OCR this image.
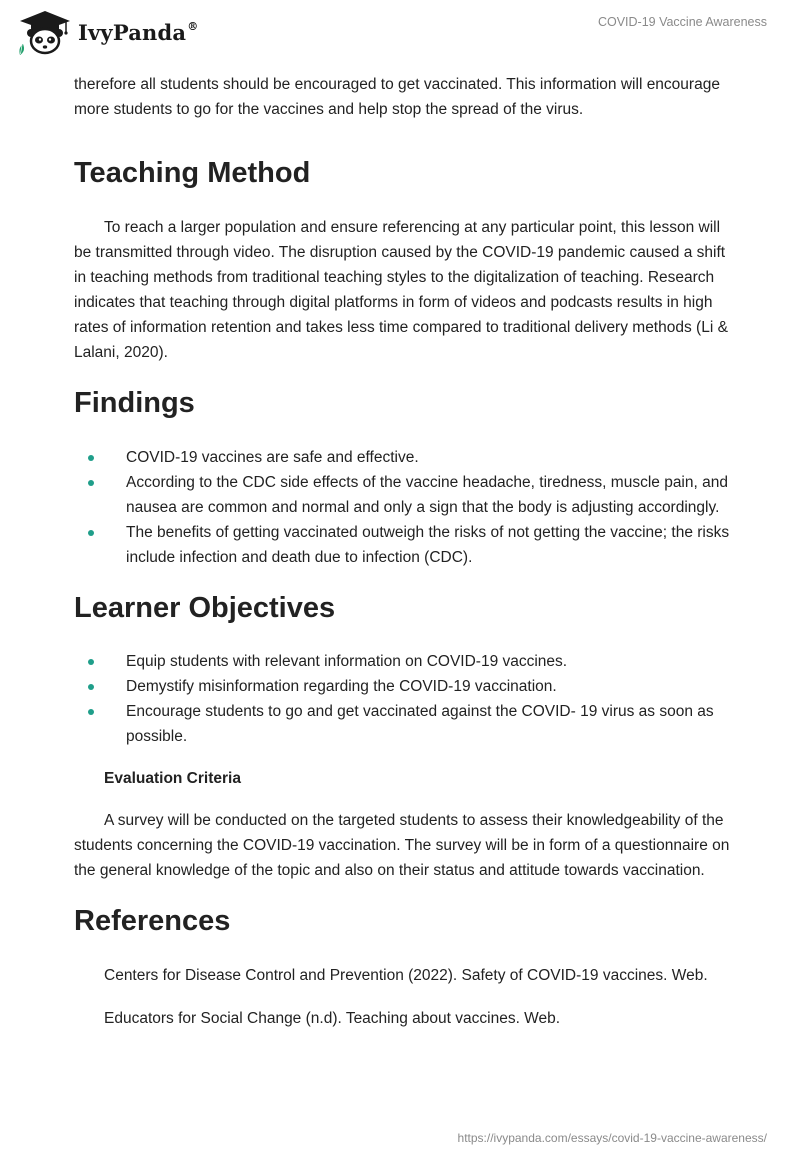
IvyPanda®	COVID-19 Vaccine Awareness

therefore all students should be encouraged to get vaccinated. This information will encourage more students to go for the vaccines and help stop the spread of the virus.

Teaching Method

To reach a larger population and ensure referencing at any particular point, this lesson will be transmitted through video. The disruption caused by the COVID-19 pandemic caused a shift in teaching methods from traditional teaching styles to the digitalization of teaching. Research indicates that teaching through digital platforms in form of videos and podcasts results in high rates of information retention and takes less time compared to traditional delivery methods (Li & Lalani, 2020).

Findings
COVID-19 vaccines are safe and effective.
According to the CDC side effects of the vaccine headache, tiredness, muscle pain, and nausea are common and normal and only a sign that the body is adjusting accordingly.
The benefits of getting vaccinated outweigh the risks of not getting the vaccine; the risks include infection and death due to infection (CDC).
Learner Objectives
Equip students with relevant information on COVID-19 vaccines.
Demystify misinformation regarding the COVID-19 vaccination.
Encourage students to go and get vaccinated against the COVID- 19 virus as soon as possible.
Evaluation Criteria

A survey will be conducted on the targeted students to assess their knowledgeability of the students concerning the COVID-19 vaccination. The survey will be in form of a questionnaire on the general knowledge of the topic and also on their status and attitude towards vaccination.

References

Centers for Disease Control and Prevention (2022). Safety of COVID-19 vaccines. Web.

Educators for Social Change (n.d). Teaching about vaccines. Web.

https://ivypanda.com/essays/covid-19-vaccine-awareness/
